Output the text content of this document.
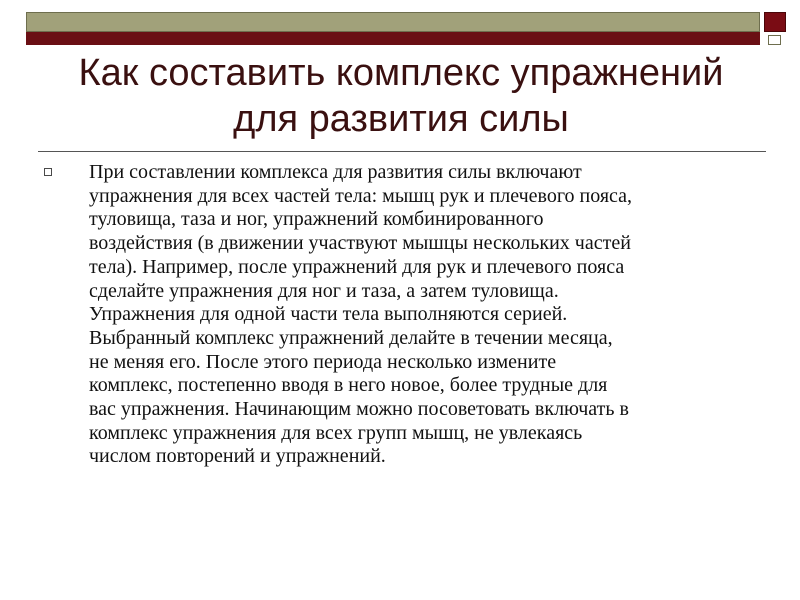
Как составить комплекс упражнений
для развития силы

При составлении комплекса для развития силы включают
упражнения для всех частей тела: мышц рук и плечевого пояса,
туловища, таза и ног, упражнений комбинированного
воздействия (в движении участвуют мышцы нескольких частей
тела). Например, после упражнений для рук и плечевого пояса
сделайте упражнения для ног и таза, а затем туловища.
Упражнения для одной части тела выполняются серией.
Выбранный комплекс упражнений делайте в течении месяца,
не меняя его. После этого периода несколько измените
комплекс, постепенно вводя в него новое, более трудные для
вас упражнения. Начинающим можно посоветовать включать в
комплекс упражнения для всех групп мышц, не увлекаясь
числом повторений и упражнений.
